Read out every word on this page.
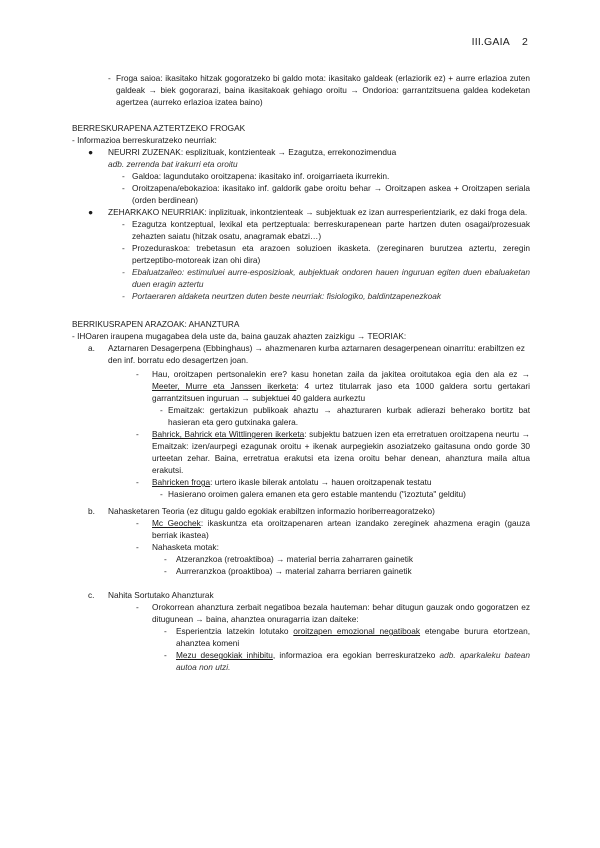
III.GAIA 2
- Froga saioa: ikasitako hitzak gogoratzeko bi galdo mota: ikasitako galdeak (erlaziorik ez) + aurre erlazioa zuten galdeak → biek gogorarazi, baina ikasitakoak gehiago oroitu → Ondorioa: garrantzitsuena galdea kodeketan agertzea (aurreko erlazioa izatea baino)

BERRESKURAPENA AZTERTZEKO FROGAK

- Informazioa berreskuratzeko neurriak:

● NEURRI ZUZENAK: esplizituak, kontzienteak → Ezagutza, errekonozimendua

adb. zerrenda bat irakurri eta oroitu

- Galdoa: lagundutako oroitzapena: ikasitako inf. oroigarriaeta ikurrekin.

- Oroitzapena/ebokazioa: ikasitako inf. galdorik gabe oroitu behar → Oroitzapen askea + Oroitzapen seriala (orden berdinean)

● ZEHARKAKO NEURRIAK: inplizituak, inkontzienteak → subjektuak ez izan aurresperientziarik, ez daki froga dela.

- Ezagutza kontzeptual, lexikal eta pertzeptuala: berreskurapenean parte hartzen duten osagai/prozesuak zehazten saiatu (hitzak osatu, anagramak ebatzi…)

- Prozeduraskoa: trebetasun eta arazoen soluzioen ikasketa. (zereginaren burutzea aztertu, zeregin pertzeptibo-motoreak izan ohi dira)

- Ebaluatzaileo: estimuluei aurre-esposizioak, aubjektuak ondoren hauen inguruan egiten duen ebaluaketan duen eragin aztertu

- Portaeraren aldaketa neurtzen duten beste neurriak: fisiologiko, baldintzapenezkoak

BERRIKUSRAPEN ARAZOAK: AHANZTURA

- IHOaren iraupena mugagabea dela uste da, baina gauzak ahazten zaizkigu → TEORIAK:

a. Aztarnaren Desagerpena (Ebbinghaus) → ahazmenaren kurba aztarnaren desagerpenean oinarritu: erabiltzen ez den inf. borratu edo desagertzen joan.

- Hau, oroitzapen pertsonalekin ere? kasu honetan zaila da jakitea oroitutakoa egia den ala ez → Meeter, Murre eta Janssen ikerketa: 4 urtez titularrak jaso eta 1000 galdera sortu gertakari garrantzitsuen inguruan → subjektuei 40 galdera aurkeztu

- Emaitzak: gertakizun publikoak ahaztu → ahazturaren kurbak adierazi beherako bortitz bat hasieran eta gero gutxinaka galera.

- Bahrick, Bahrick eta Wittlingeren ikerketa: subjektu batzuen izen eta erretratuen oroitzapena neurtu → Emaitzak: izen/aurpegi ezagunak oroitu + ikenak aurpegiekin asoziatzeko gaitasuna ondo gorde 30 urteetan zehar. Baina, erretratua erakutsi eta izena oroitu behar denean, ahanztura maila altua erakutsi.

- Bahricken froga: urtero ikasle bilerak antolatu → hauen oroitzapenak testatu

- Hasierano oroimen galera emanen eta gero estable mantendu ("izoztuta" gelditu)

b. Nahasketaren Teoria (ez ditugu galdo egokiak erabiltzen informazio horiberreagoratzeko)

- Mc Geochek: ikaskuntza eta oroitzapenaren artean izandako zereginek ahazmena eragin (gauza berriak ikastea)

- Nahasketa motak:

- Atzeranzkoa (retroaktiboa) → material berria zaharraren gainetik

- Aurreranzkoa (proaktiboa) → material zaharra berriaren gainetik

c. Nahita Sortutako Ahanzturak

- Orokorrean ahanztura zerbait negatiboa bezala hauteman: behar ditugun gauzak ondo gogoratzen ez ditugunean → baina, ahanztea onuragarria izan daiteke:

- Esperientzia latzekin lotutako oroitzapen emozional negatiboak etengabe burura etortzean, ahanztea komeni

- Mezu desegokiak inhibitu, informazioa era egokian berreskuratzeko adb. aparkaleku batean autoa non utzi.
